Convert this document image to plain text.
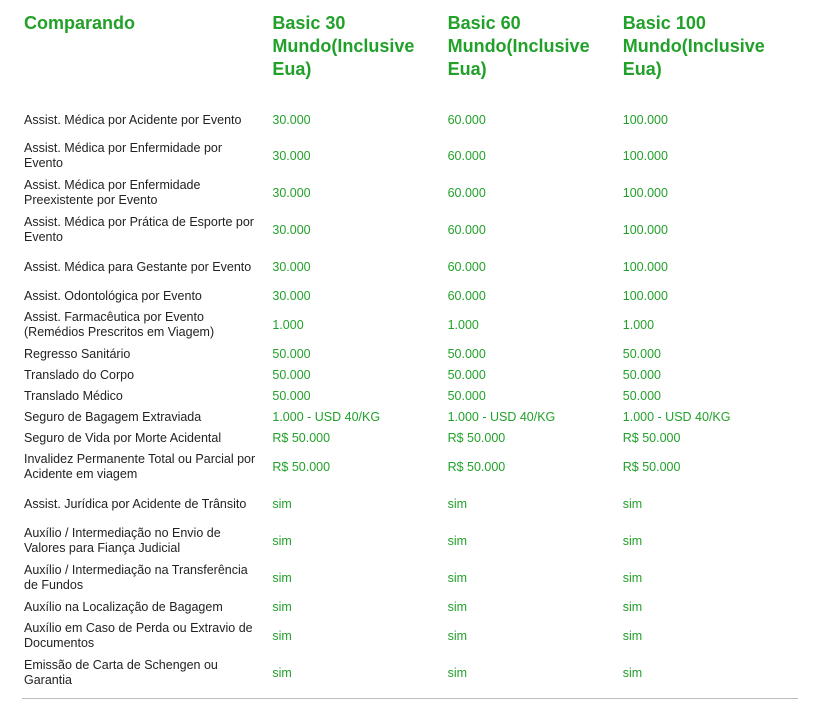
Comparando	Basic 30 Mundo(Inclusive Eua)	Basic 60 Mundo(Inclusive Eua)	Basic 100 Mundo(Inclusive Eua)
Assist. Médica por Acidente por Evento	30.000	60.000	100.000
Assist. Médica por Enfermidade por Evento	30.000	60.000	100.000
Assist. Médica por Enfermidade Preexistente por Evento	30.000	60.000	100.000
Assist. Médica por Prática de Esporte por Evento	30.000	60.000	100.000
Assist. Médica para Gestante por Evento	30.000	60.000	100.000
Assist. Odontológica por Evento	30.000	60.000	100.000
Assist. Farmacêutica por Evento (Remédios Prescritos em Viagem)	1.000	1.000	1.000
Regresso Sanitário	50.000	50.000	50.000
Translado do Corpo	50.000	50.000	50.000
Translado Médico	50.000	50.000	50.000
Seguro de Bagagem Extraviada	1.000 - USD 40/KG	1.000 - USD 40/KG	1.000 - USD 40/KG
Seguro de Vida por Morte Acidental	R$ 50.000	R$ 50.000	R$ 50.000
Invalidez Permanente Total ou Parcial por Acidente em viagem	R$ 50.000	R$ 50.000	R$ 50.000
Assist. Jurídica por Acidente de Trânsito	sim	sim	sim
Auxílio / Intermediação no Envio de Valores para Fiança Judicial	sim	sim	sim
Auxílio / Intermediação na Transferência de Fundos	sim	sim	sim
Auxílio na Localização de Bagagem	sim	sim	sim
Auxílio em Caso de Perda ou Extravio de Documentos	sim	sim	sim
Emissão de Carta de Schengen ou Garantia	sim	sim	sim
